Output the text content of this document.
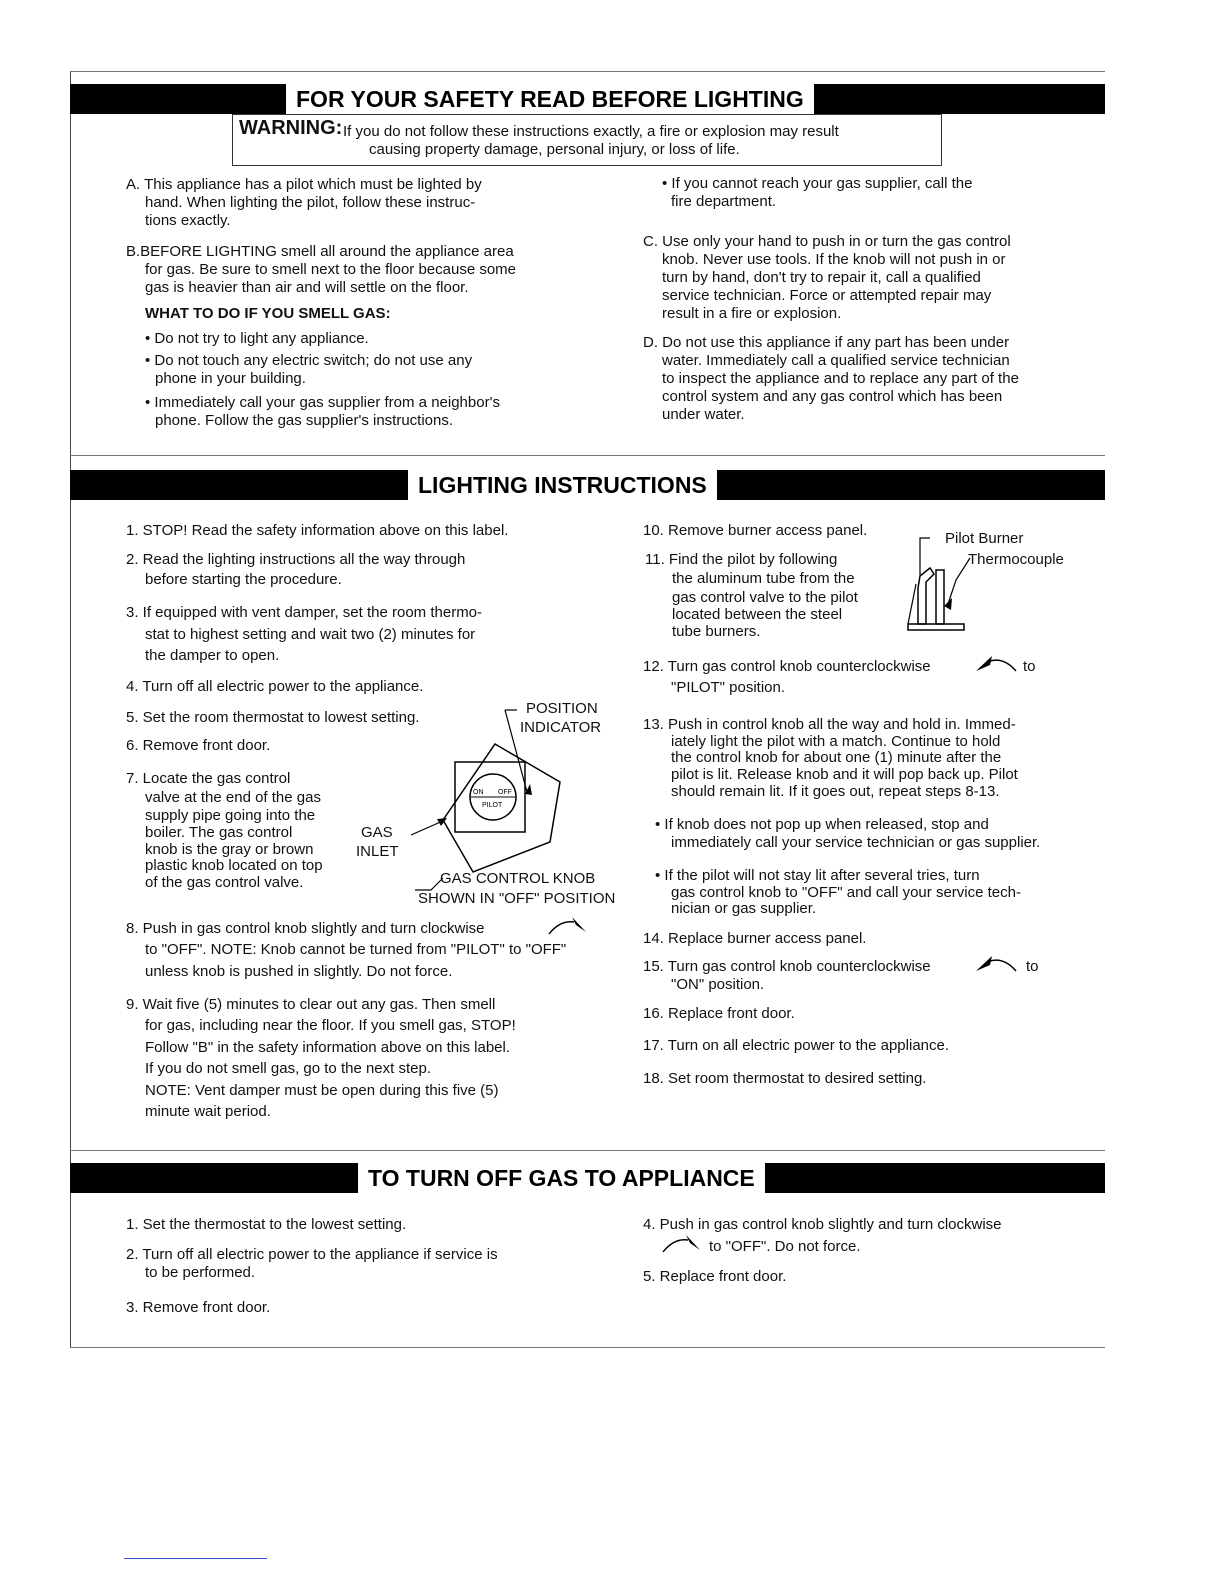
FOR YOUR SAFETY READ BEFORE LIGHTING
WARNING: If you do not follow these instructions exactly, a fire or explosion may result
causing property damage, personal injury, or loss of life.
A. This appliance has a pilot which must be lighted by
hand. When lighting the pilot, follow these instruc-
tions exactly.
B.BEFORE LIGHTING smell all around the appliance area
for gas. Be sure to smell next to the floor because some
gas is heavier than air and will settle on the floor.
WHAT TO DO IF YOU SMELL GAS:
• Do not try to light any appliance.
• Do not touch any electric switch; do not use any
phone in your building.
• Immediately call your gas supplier from a neighbor's
phone. Follow the gas supplier's instructions.
• If you cannot reach your gas supplier, call the
fire department.
C. Use only your hand to push in or turn the gas control
knob. Never use tools. If the knob will not push in or
turn by hand, don't try to repair it, call a qualified
service technician. Force or attempted repair may
result in a fire or explosion.
D. Do not use this appliance if any part has been under
water. Immediately call a qualified service technician
to inspect the appliance and to replace any part of the
control system and any gas control which has been
under water.
LIGHTING INSTRUCTIONS
1. STOP! Read the safety information above on this label.
2. Read the lighting instructions all the way through
before starting the procedure.
3. If equipped with vent damper, set the room thermo-
stat to highest setting and wait two (2) minutes for
the damper to open.
4. Turn off all electric power to the appliance.
5. Set the room thermostat to lowest setting.
6. Remove front door.
7. Locate the gas control
valve at the end of the gas
supply pipe going into the
boiler. The gas control
knob is the gray or brown
plastic knob located on top
of the gas control valve.
ON OFF
PILOT
POSITION
INDICATOR
GAS
INLET
GAS CONTROL KNOB
SHOWN IN "OFF" POSITION
8. Push in gas control knob slightly and turn clockwise
to "OFF". NOTE: Knob cannot be turned from "PILOT" to "OFF"
unless knob is pushed in slightly. Do not force.
9. Wait five (5) minutes to clear out any gas. Then smell
for gas, including near the floor. If you smell gas, STOP!
Follow "B" in the safety information above on this label.
If you do not smell gas, go to the next step.
NOTE: Vent damper must be open during this five (5)
minute wait period.
10. Remove burner access panel.
11. Find the pilot by following
the aluminum tube from the
gas control valve to the pilot
located between the steel
tube burners.
Pilot Burner
Thermocouple
12. Turn gas control knob counterclockwise	to
"PILOT" position.
13. Push in control knob all the way and hold in. Immed-
iately light the pilot with a match. Continue to hold
the control knob for about one (1) minute after the
pilot is lit. Release knob and it will pop back up. Pilot
should remain lit. If it goes out, repeat steps 8-13.
• If knob does not pop up when released, stop and
immediately call your service technician or gas supplier.
• If the pilot will not stay lit after several tries, turn
gas control knob to "OFF" and call your service tech-
nician or gas supplier.
14. Replace burner access panel.
15. Turn gas control knob counterclockwise	to
"ON" position.
16. Replace front door.
17. Turn on all electric power to the appliance.
18. Set room thermostat to desired setting.
TO TURN OFF GAS TO APPLIANCE
1. Set the thermostat to the lowest setting.
2. Turn off all electric power to the appliance if service is
to be performed.
3. Remove front door.
4. Push in gas control knob slightly and turn clockwise
to "OFF". Do not force.
5. Replace front door.
